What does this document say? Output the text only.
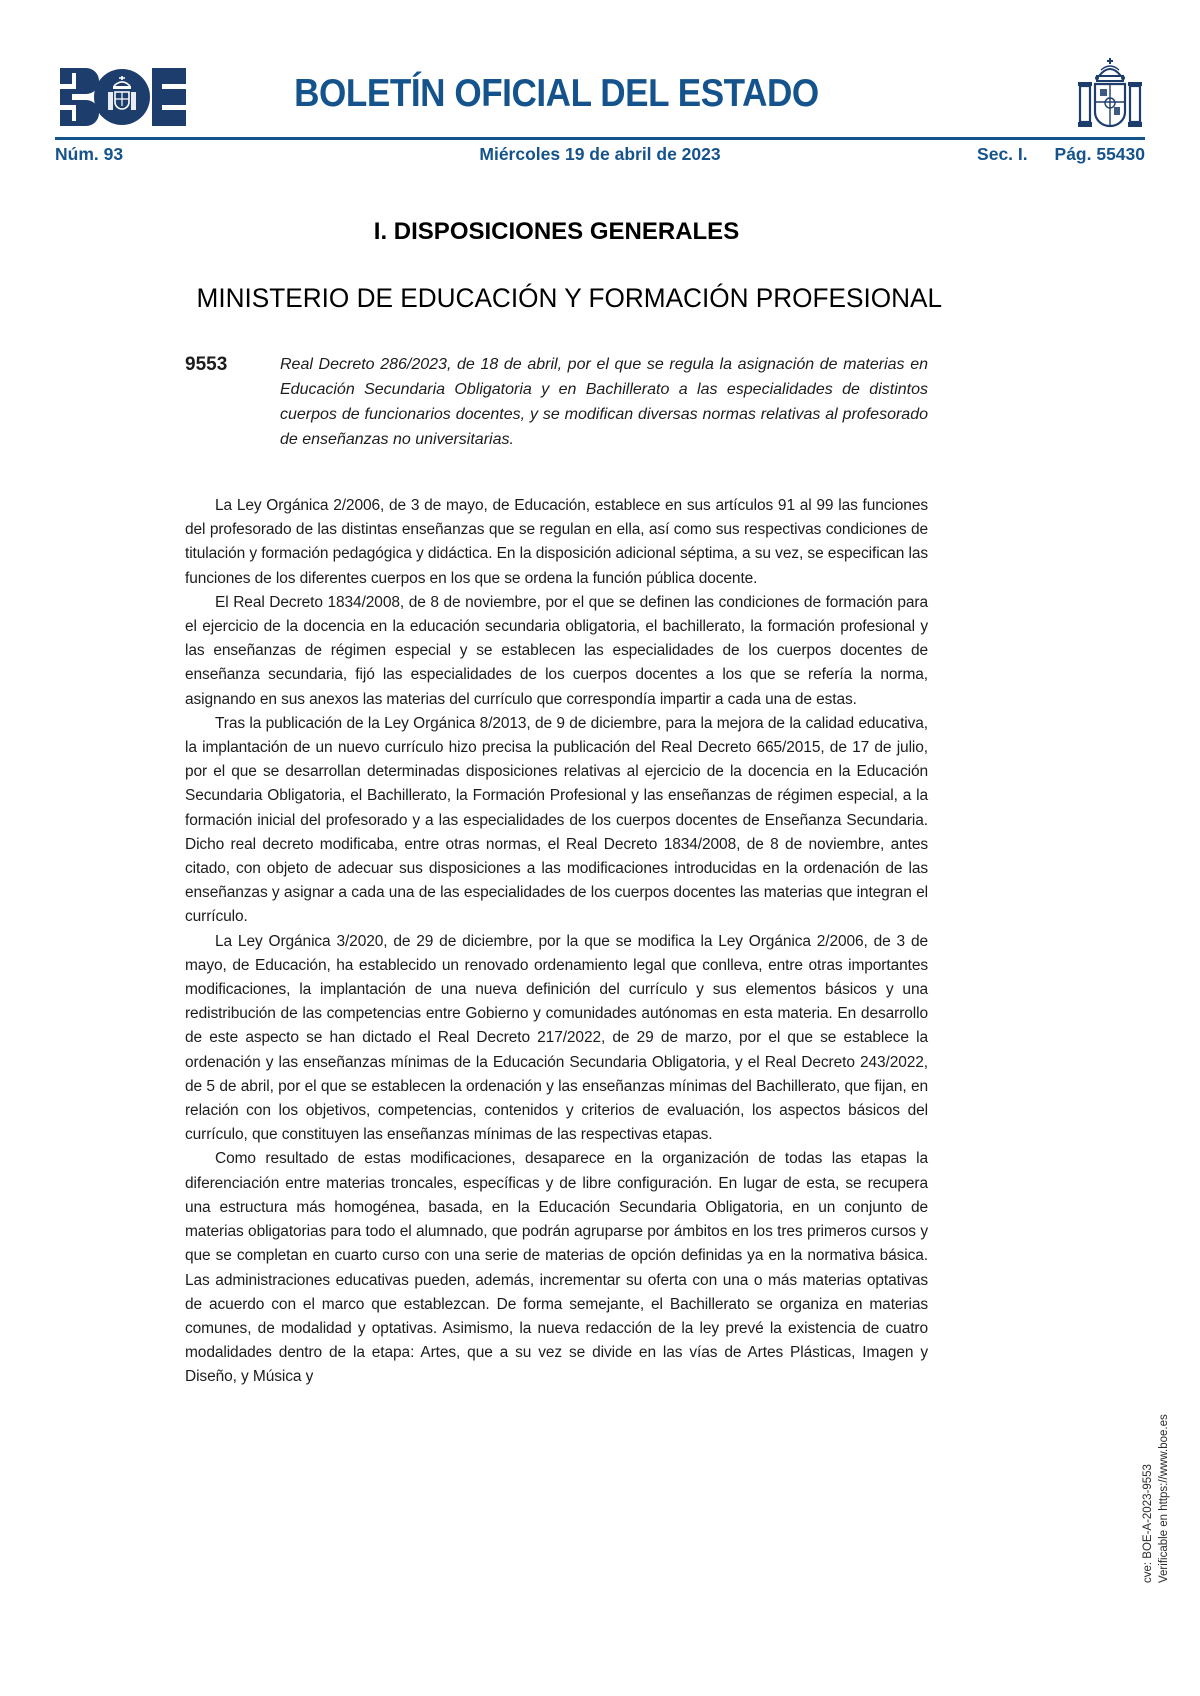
BOLETÍN OFICIAL DEL ESTADO
Núm. 93	Miércoles 19 de abril de 2023	Sec. I. Pág. 55430
I. DISPOSICIONES GENERALES
MINISTERIO DE EDUCACIÓN Y FORMACIÓN PROFESIONAL
9553	Real Decreto 286/2023, de 18 de abril, por el que se regula la asignación de materias en Educación Secundaria Obligatoria y en Bachillerato a las especialidades de distintos cuerpos de funcionarios docentes, y se modifican diversas normas relativas al profesorado de enseñanzas no universitarias.

La Ley Orgánica 2/2006, de 3 de mayo, de Educación, establece en sus artículos 91 al 99 las funciones del profesorado de las distintas enseñanzas que se regulan en ella, así como sus respectivas condiciones de titulación y formación pedagógica y didáctica. En la disposición adicional séptima, a su vez, se especifican las funciones de los diferentes cuerpos en los que se ordena la función pública docente.

El Real Decreto 1834/2008, de 8 de noviembre, por el que se definen las condiciones de formación para el ejercicio de la docencia en la educación secundaria obligatoria, el bachillerato, la formación profesional y las enseñanzas de régimen especial y se establecen las especialidades de los cuerpos docentes de enseñanza secundaria, fijó las especialidades de los cuerpos docentes a los que se refería la norma, asignando en sus anexos las materias del currículo que correspondía impartir a cada una de estas.

Tras la publicación de la Ley Orgánica 8/2013, de 9 de diciembre, para la mejora de la calidad educativa, la implantación de un nuevo currículo hizo precisa la publicación del Real Decreto 665/2015, de 17 de julio, por el que se desarrollan determinadas disposiciones relativas al ejercicio de la docencia en la Educación Secundaria Obligatoria, el Bachillerato, la Formación Profesional y las enseñanzas de régimen especial, a la formación inicial del profesorado y a las especialidades de los cuerpos docentes de Enseñanza Secundaria. Dicho real decreto modificaba, entre otras normas, el Real Decreto 1834/2008, de 8 de noviembre, antes citado, con objeto de adecuar sus disposiciones a las modificaciones introducidas en la ordenación de las enseñanzas y asignar a cada una de las especialidades de los cuerpos docentes las materias que integran el currículo.

La Ley Orgánica 3/2020, de 29 de diciembre, por la que se modifica la Ley Orgánica 2/2006, de 3 de mayo, de Educación, ha establecido un renovado ordenamiento legal que conlleva, entre otras importantes modificaciones, la implantación de una nueva definición del currículo y sus elementos básicos y una redistribución de las competencias entre Gobierno y comunidades autónomas en esta materia. En desarrollo de este aspecto se han dictado el Real Decreto 217/2022, de 29 de marzo, por el que se establece la ordenación y las enseñanzas mínimas de la Educación Secundaria Obligatoria, y el Real Decreto 243/2022, de 5 de abril, por el que se establecen la ordenación y las enseñanzas mínimas del Bachillerato, que fijan, en relación con los objetivos, competencias, contenidos y criterios de evaluación, los aspectos básicos del currículo, que constituyen las enseñanzas mínimas de las respectivas etapas.

Como resultado de estas modificaciones, desaparece en la organización de todas las etapas la diferenciación entre materias troncales, específicas y de libre configuración. En lugar de esta, se recupera una estructura más homogénea, basada, en la Educación Secundaria Obligatoria, en un conjunto de materias obligatorias para todo el alumnado, que podrán agruparse por ámbitos en los tres primeros cursos y que se completan en cuarto curso con una serie de materias de opción definidas ya en la normativa básica. Las administraciones educativas pueden, además, incrementar su oferta con una o más materias optativas de acuerdo con el marco que establezcan. De forma semejante, el Bachillerato se organiza en materias comunes, de modalidad y optativas. Asimismo, la nueva redacción de la ley prevé la existencia de cuatro modalidades dentro de la etapa: Artes, que a su vez se divide en las vías de Artes Plásticas, Imagen y Diseño, y Música y

cve: BOE-A-2023-9553 Verificable en https://www.boe.es
